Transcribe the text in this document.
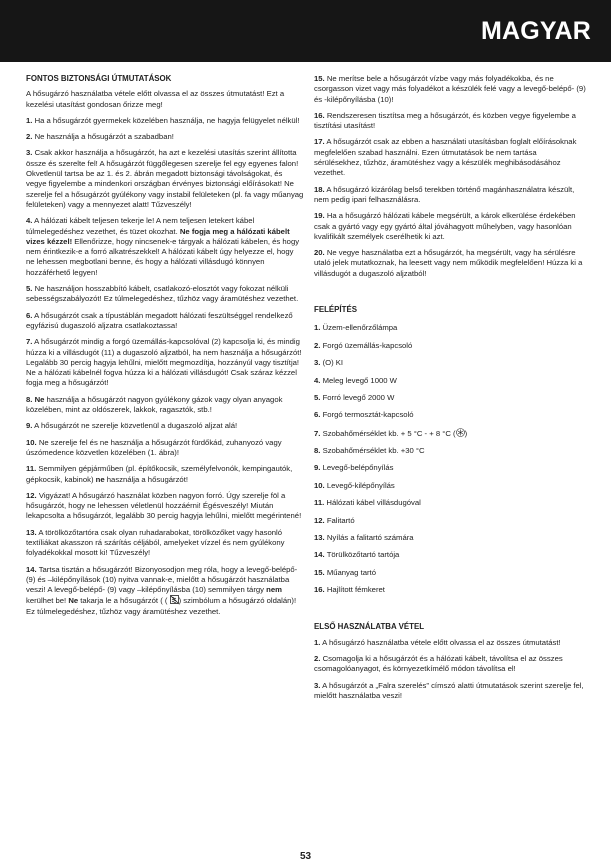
MAGYAR

FONTOS BIZTONSÁGI ÚTMUTATÁSOK

A hősugárzó használatba vétele előtt olvassa el az összes útmutatást! Ezt a kezelési utasítást gondosan őrizze meg!

1. Ha a hősugárzót gyermekek közelében használja, ne hagyja felügyelet nélkül!

2. Ne használja a hősugárzót a szabadban!

3. Csak akkor használja a hősugárzót, ha azt e kezelési utasítás szerint állította össze és szerelte fel! A hősugárzót függőlegesen szerelje fel egy egyenes falon! Okvetlenül tartsa be az 1. és 2. ábrán megadott biztonsági távolságokat, és vegye figyelembe a mindenkori országban érvényes biztonsági előírásokat! Ne szerelje fel a hősugárzót gyúlékony vagy instabil felületeken (pl. fa vagy műanyag felületeken) vagy a mennyezet alatt! Tűzveszély!

4. A hálózati kábelt teljesen tekerje le! A nem teljesen letekert kábel túlmelegedéshez vezethet, és tüzet okozhat. Ne fogja meg a hálózati kábelt vizes kézzel! Ellenőrizze, hogy nincsenek-e tárgyak a hálózati kábelen, és hogy nem érintkezik-e a forró alkatrészekkel! A hálózati kábelt úgy helyezze el, hogy ne lehessen megbotlani benne, és hogy a hálózati villásdugó könnyen hozzáférhető legyen!

5. Ne használjon hosszabbító kábelt, csatlakozó-elosztót vagy fokozat nélküli sebességszabályozót! Ez túlmelegedéshez, tűzhöz vagy áramütéshez vezethet.

6. A hősugárzót csak a típustáblán megadott hálózati feszültséggel rendelkező egyfázisú dugaszoló aljzatra csatlakoztassa!

7. A hősugárzót mindig a forgó üzemállás-kapcsolóval (2) kapcsolja ki, és mindig húzza ki a villásdugót (11) a dugaszoló aljzatból, ha nem használja a hősugárzót! Legalább 30 percig hagyja lehűlni, mielőtt megmozdítja, hozzányúl vagy tisztítja! Ne a hálózati kábelnél fogva húzza ki a hálózati villásdugót! Csak száraz kézzel fogja meg a hősugárzót!

8. Ne használja a hősugárzót nagyon gyúlékony gázok vagy olyan anyagok közelében, mint az oldószerek, lakkok, ragasztók, stb.!

9. A hősugárzót ne szerelje közvetlenül a dugaszoló aljzat alá!

10. Ne szerelje fel és ne használja a hősugárzót fürdőkád, zuhanyozó vagy úszómedence közvetlen közelében (1. ábra)!

11. Semmilyen gépjárműben (pl. építőkocsik, személyfelvonók, kempingautók, gépkocsik, kabinok) ne használja a hősugárzót!

12. Vigyázat! A hősugárzó használat közben nagyon forró. Úgy szerelje föl a hősugárzót, hogy ne lehessen véletlenül hozzáérni! Égésveszély! Miután lekapcsolta a hősugárzót, legalább 30 percig hagyja lehűlni, mielőtt megérintené!

13. A törölközőtartóra csak olyan ruhadarabokat, törölközőket vagy hasonló textíliákat akasszon rá szárítás céljából, amelyeket vízzel és nem gyúlékony folyadékokkal mosott ki! Tűzveszély!

14. Tartsa tisztán a hősugárzót! Bizonyosodjon meg róla, hogy a levegő-belépő- (9) és –kilépőnyílások (10) nyitva vannak-e, mielőtt a hősugárzót használatba veszi! A levegő-belépő- (9) vagy –kilépőnyílásba (10) semmilyen tárgy nem kerülhet be! Ne takarja le a hősugárzót ( ( ) szimbólum a hősugárzó oldalán)! Ez túlmelegedéshez, tűzhöz vagy áramütéshez vezethet.

15. Ne merítse bele a hősugárzót vízbe vagy más folyadékokba, és ne csorgasson vizet vagy más folyadékot a készülék felé vagy a levegő-belépő- (9) és -kilépőnyílásba (10)!

16. Rendszeresen tisztítsa meg a hősugárzót, és közben vegye figyelembe a tisztítási utasítást!

17. A hősugárzót csak az ebben a használati utasításban foglalt előírásoknak megfelelően szabad használni. Ezen útmutatások be nem tartása sérülésekhez, tűzhöz, áramütéshez vagy a készülék meghibásodásához vezethet.

18. A hősugárzó kizárólag belső terekben történő magánhasználatra készült, nem pedig ipari felhasználásra.

19. Ha a hősugárzó hálózati kábele megsérült, a károk elkerülése érdekében csak a gyártó vagy egy gyártó által jóváhagyott műhelyben, vagy hasonlóan kvalifikált személyek cserélhetik ki azt.

20. Ne vegye használatba ezt a hősugárzót, ha megsérült, vagy ha sérülésre utaló jelek mutatkoznak, ha leesett vagy nem működik megfelelően! Húzza ki a villásdugót a dugaszoló aljzatból!

FELÉPÍTÉS

1. Üzem-ellenőrzőlámpa

2. Forgó üzemállás-kapcsoló

3. (O) KI

4. Meleg levegő 1000 W

5. Forró levegő 2000 W

6. Forgó termosztát-kapcsoló

7. Szobahőmérséklet kb. + 5 °C - + 8 °C ( )

8. Szobahőmérséklet kb. +30 °C

9. Levegő-belépőnyílás

10. Levegő-kilépőnyílás

11. Hálózati kábel villásdugóval

12. Falitartó

13. Nyílás a falitartó számára

14. Törülközőtartó tartója

15. Műanyag tartó

16. Hajlított fémkeret

ELSŐ HASZNÁLATBA VÉTEL

1. A hősugárzó használatba vétele előtt olvassa el az összes útmutatást!

2. Csomagolja ki a hősugárzót és a hálózati kábelt, távolítsa el az összes csomagolóanyagot, és környezetkímélő módon távolítsa el!

3. A hősugárzót a „Falra szerelés” címszó alatti útmutatások szerint szerelje fel, mielőtt használatba veszi!

53
